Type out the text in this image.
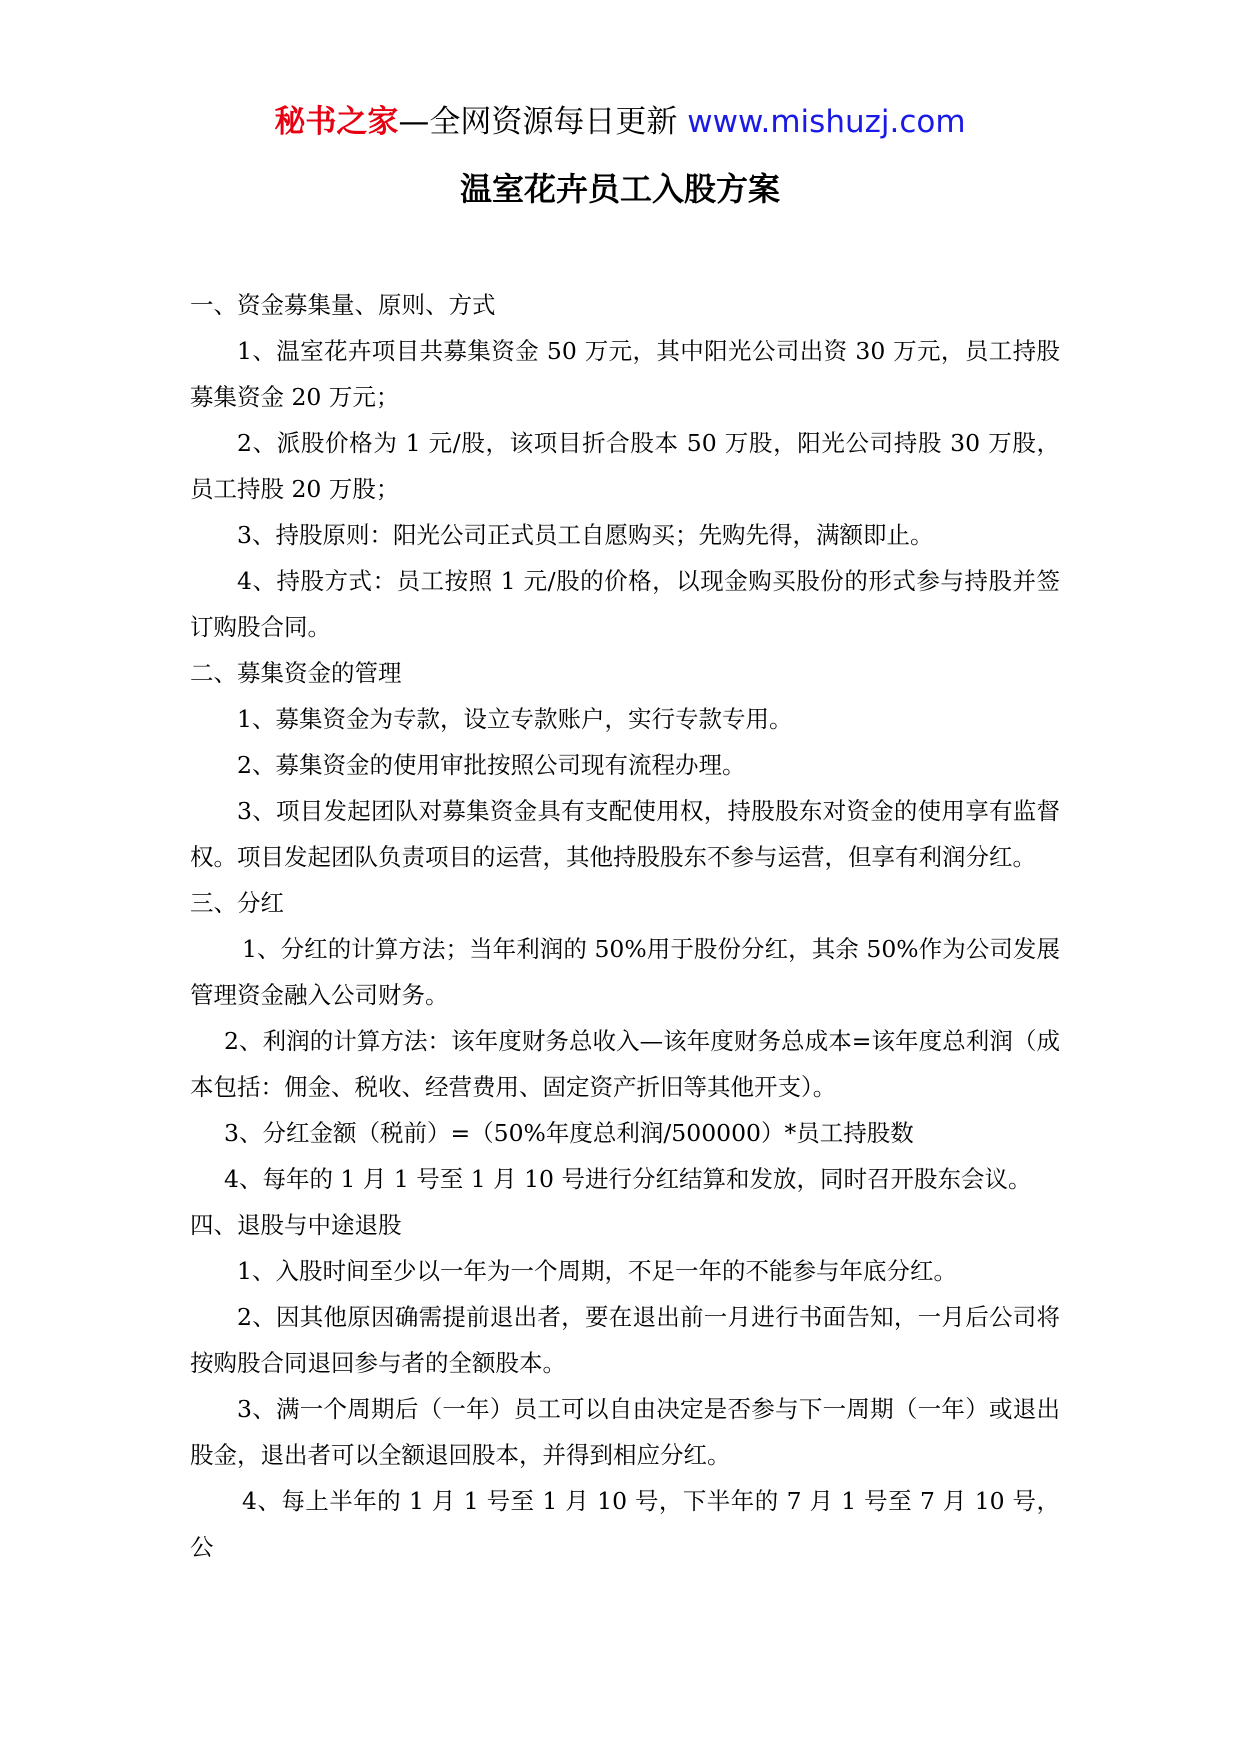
秘书之家—全网资源每日更新 www.mishuzj.com
温室花卉员工入股方案

一、资金募集量、原则、方式

1、温室花卉项目共募集资金 50 万元，其中阳光公司出资 30 万元，员工持股募集资金 20 万元；

2、派股价格为 1 元/股，该项目折合股本 50 万股，阳光公司持股 30 万股，员工持股 20 万股；

3、持股原则：阳光公司正式员工自愿购买；先购先得，满额即止。

4、持股方式：员工按照 1 元/股的价格，以现金购买股份的形式参与持股并签订购股合同。

二、募集资金的管理

1、募集资金为专款，设立专款账户，实行专款专用。

2、募集资金的使用审批按照公司现有流程办理。

3、项目发起团队对募集资金具有支配使用权，持股股东对资金的使用享有监督权。项目发起团队负责项目的运营，其他持股股东不参与运营，但享有利润分红。

三、分红

1、分红的计算方法；当年利润的 50%用于股份分红，其余 50%作为公司发展管理资金融入公司财务。

2、利润的计算方法：该年度财务总收入—该年度财务总成本=该年度总利润（成本包括：佣金、税收、经营费用、固定资产折旧等其他开支）。

3、分红金额（税前）=（50%年度总利润/500000）*员工持股数

4、每年的 1 月 1 号至 1 月 10 号进行分红结算和发放，同时召开股东会议。

四、退股与中途退股

1、入股时间至少以一年为一个周期，不足一年的不能参与年底分红。

2、因其他原因确需提前退出者，要在退出前一月进行书面告知，一月后公司将按购股合同退回参与者的全额股本。

3、满一个周期后（一年）员工可以自由决定是否参与下一周期（一年）或退出股金，退出者可以全额退回股本，并得到相应分红。

4、每上半年的 1 月 1 号至 1 月 10 号，下半年的 7 月 1 号至 7 月 10 号，公
